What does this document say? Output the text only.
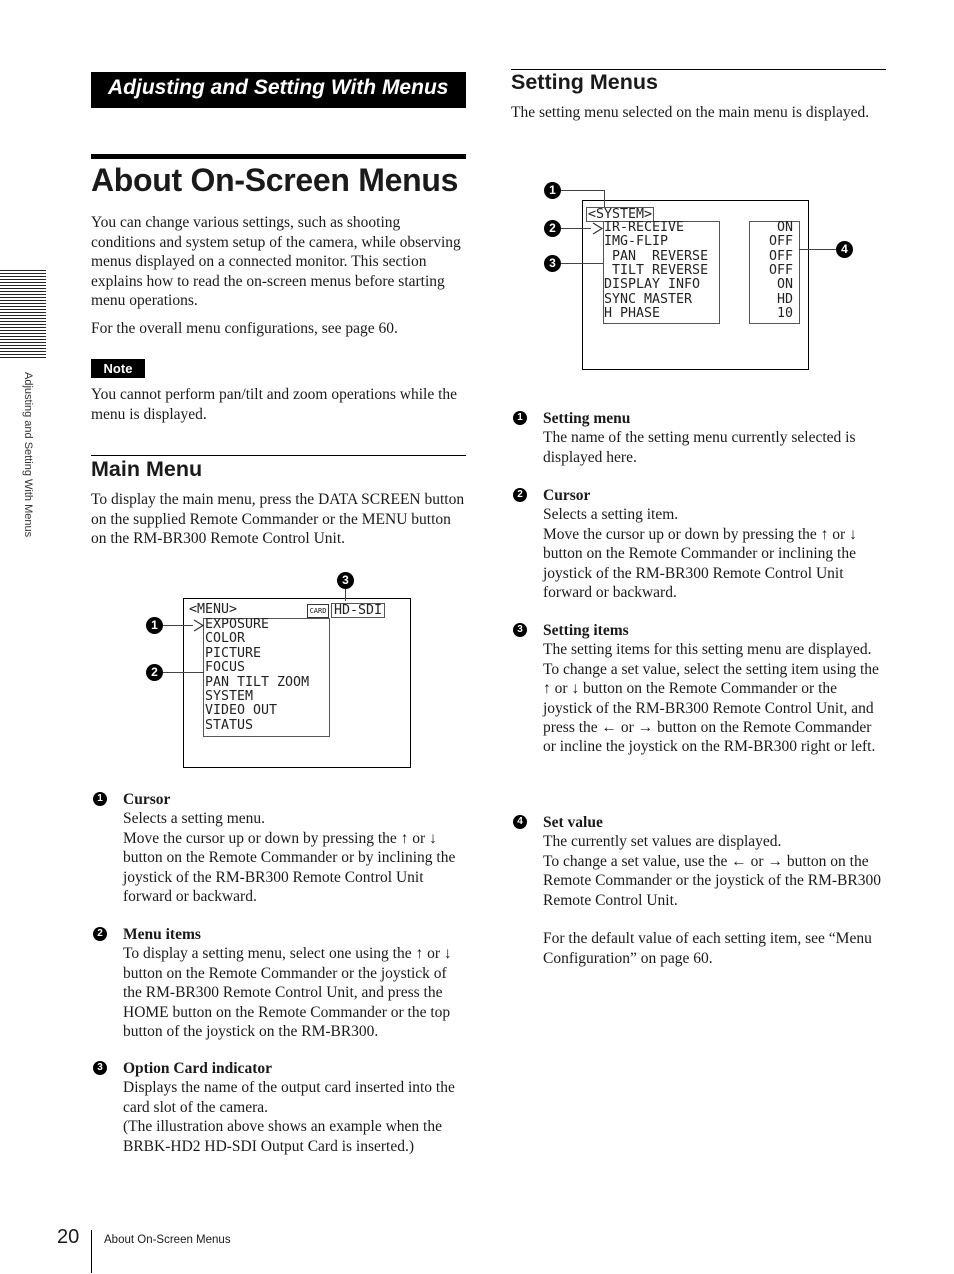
Adjusting and Setting With Menus
Adjusting and Setting With Menus
About On-Screen Menus

You can change various settings, such as shooting conditions and system setup of the camera, while observing menus displayed on a connected monitor. This section explains how to read the on-screen menus before starting menu operations.

For the overall menu configurations, see page 60.

Note

You cannot perform pan/tilt and zoom operations while the menu is displayed.

Main Menu

To display the main menu, press the DATA SCREEN button on the supplied Remote Commander or the MENU button on the RM-BR300 Remote Control Unit.

<MENU>	CARD HD-SDI
EXPOSURE
COLOR
PICTURE
FOCUS
PAN TILT ZOOM
SYSTEM
VIDEO OUT
STATUS
3
1
2
1 Cursor

Selects a setting menu.

Move the cursor up or down by pressing the ↑ or ↓ button on the Remote Commander or by inclining the joystick of the RM-BR300 Remote Control Unit forward or backward.

2 Menu items

To display a setting menu, select one using the ↑ or ↓ button on the Remote Commander or the joystick of the RM-BR300 Remote Control Unit, and press the HOME button on the Remote Commander or the top button of the joystick on the RM-BR300.

3 Option Card indicator

Displays the name of the output card inserted into the card slot of the camera.

(The illustration above shows an example when the BRBK-HD2 HD-SDI Output Card is inserted.)

Setting Menus

The setting menu selected on the main menu is displayed.

<SYSTEM>
IR-RECEIVE
IMG-FLIP
PAN  REVERSE
TILT REVERSE
DISPLAY INFO
SYNC MASTER
H PHASE
ON
OFF
OFF
OFF
ON
HD
10
1
2
3
4
1 Setting menu

The name of the setting menu currently selected is displayed here.

2 Cursor

Selects a setting item.

Move the cursor up or down by pressing the ↑ or ↓ button on the Remote Commander or inclining the joystick of the RM-BR300 Remote Control Unit forward or backward.

3 Setting items

The setting items for this setting menu are displayed.

To change a set value, select the setting item using the ↑ or ↓ button on the Remote Commander or the joystick of the RM-BR300 Remote Control Unit, and press the ← or → button on the Remote Commander or incline the joystick on the RM-BR300 right or left.

4 Set value

The currently set values are displayed.

To change a set value, use the ← or → button on the Remote Commander or the joystick of the RM-BR300 Remote Control Unit.

For the default value of each setting item, see “Menu Configuration” on page 60.

20 About On-Screen Menus
